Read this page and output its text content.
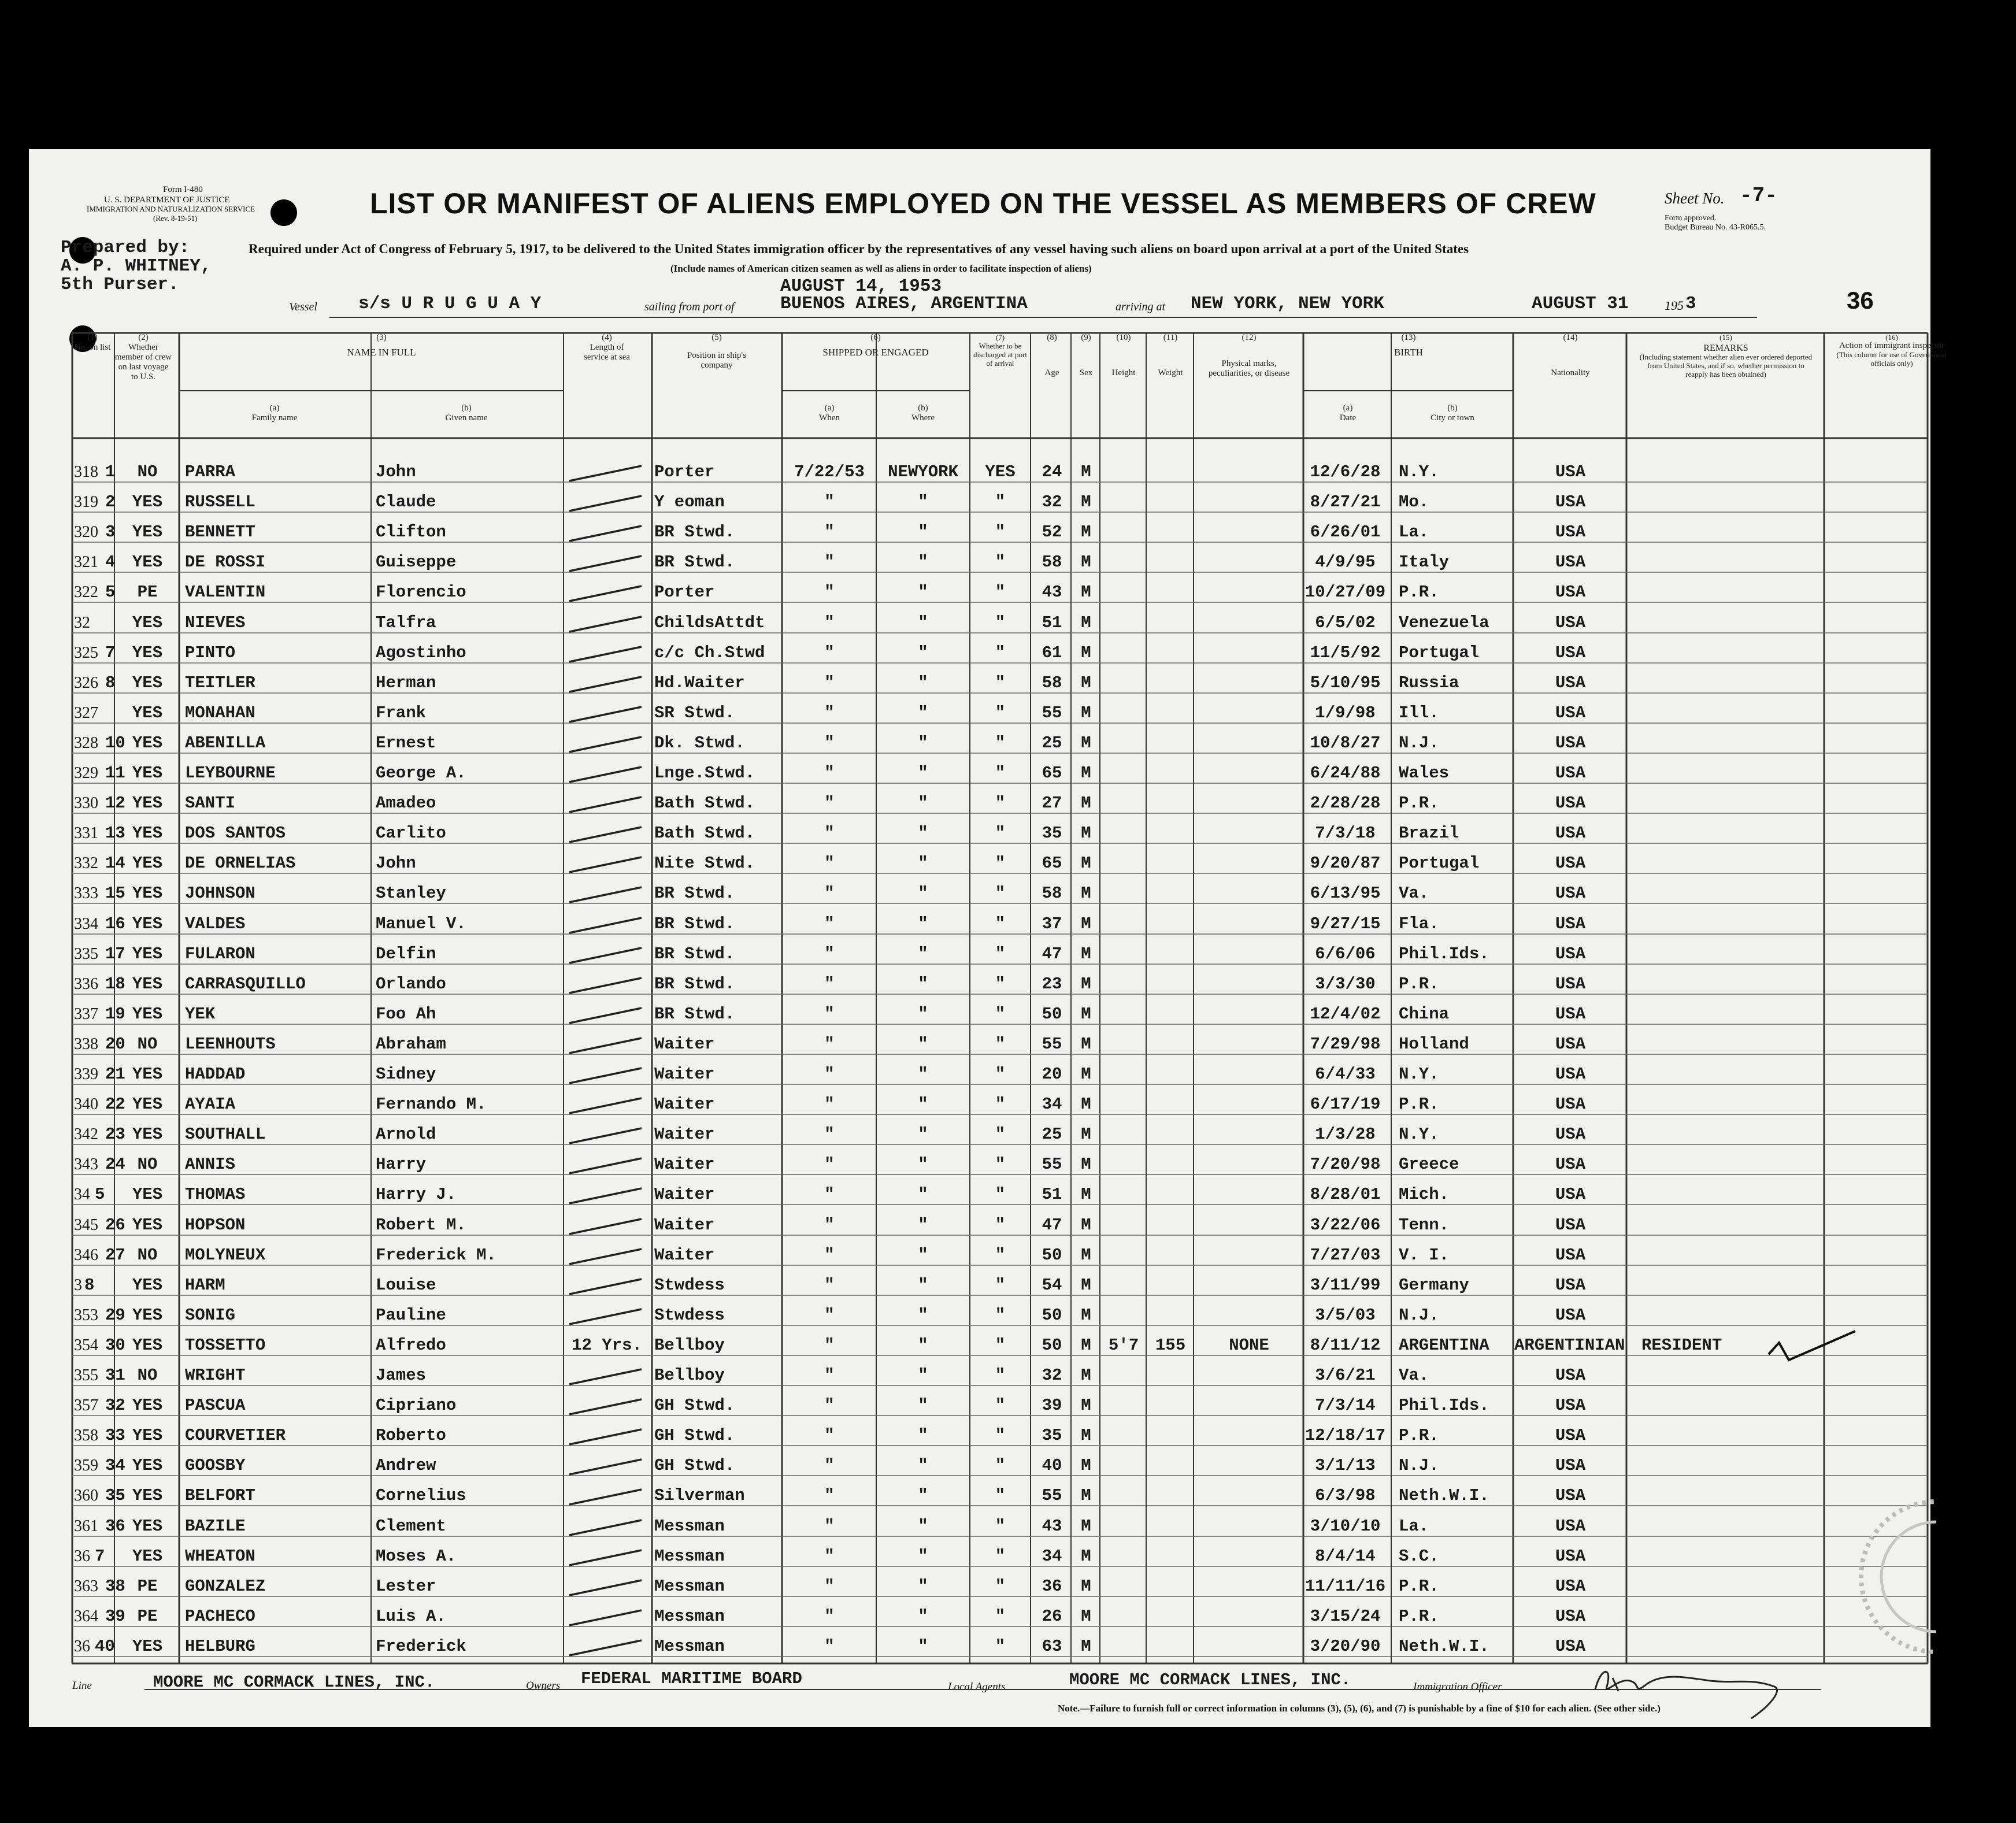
Form I-480
U. S. DEPARTMENT OF JUSTICE
IMMIGRATION AND NATURALIZATION SERVICE
(Rev. 8-19-51)	LIST OR MANIFEST OF ALIENS EMPLOYED ON THE VESSEL AS MEMBERS OF CREW	Sheet No. -7-
Form approved.
Budget Bureau No. 43-R065.5.
Prepared by:
A. P. WHITNEY,
5th Purser.
Required under Act of Congress of February 5, 1917, to be delivered to the United States immigration officer by the representatives of any vessel having such aliens on board upon arrival at a port of the United States
(Include names of American citizen seamen as well as aliens in order to facilitate inspection of aliens)
Vessel s/s U R U G U A Y	sailing from port of
AUGUST 14, 1953
BUENOS AIRES, ARGENTINA	arriving at NEW YORK, NEW YORK	AUGUST 31	195 3	36
(1)
No. on list
(2)
Whether member of crew on last voyage to U.S.
(3)
NAME IN FULL
(a)
Family name
(b)
Given name
(4)
Length of service at sea
(5)
Position in ship's company
(6)
SHIPPED OR ENGAGED
(a)
When
(b)
Where
(7)
Whether to be discharged at port of arrival
(8)
Age
(9)
Sex
(10)
Height
(11)
Weight
(12)
Physical marks, peculiarities, or disease
(13)
BIRTH
(a)
Date
(b)
City or town
(14)
Nationality
(15)
REMARKS
(Including statement whether alien ever ordered deported from United States, and if so, whether permission to reapply has been obtained)
(16)
Action of immigrant inspector
(This column for use of Government officials only)
318 1	NO	PARRA	John	Porter	7/22/53	NEWYORK	YES	24	M	12/6/28	N.Y.	USA
319 2	YES	RUSSELL	Claude	Y eoman	"	"	"	32	M	8/27/21	Mo.	USA
320 3	YES	BENNETT	Clifton	BR Stwd.	"	"	"	52	M	6/26/01	La.	USA
321 4	YES	DE ROSSI	Guiseppe	BR Stwd.	"	"	"	58	M	4/9/95	Italy	USA
322 5	PE	VALENTIN	Florencio	Porter	"	"	"	43	M	10/27/09 P.R.	USA
32	YES	NIEVES	Talfra	ChildsAttdt	"	"	"	51	M	6/5/02	Venezuela	USA
325 7	YES	PINTO	Agostinho	c/c Ch.Stwd	"	"	"	61	M	11/5/92	Portugal	USA
326 8	YES	TEITLER	Herman	Hd.Waiter	"	"	"	58	M	5/10/95	Russia	USA
327	YES	MONAHAN	Frank	SR Stwd.	"	"	"	55	M	1/9/98	Ill.	USA
328 10 YES	ABENILLA	Ernest	Dk. Stwd.	"	"	"	25	M	10/8/27	N.J.	USA
329 11 YES	LEYBOURNE	George A.	Lnge.Stwd.	"	"	"	65	M	6/24/88	Wales	USA
330 12 YES	SANTI	Amadeo	Bath Stwd.	"	"	"	27	M	2/28/28	P.R.	USA
331 13 YES	DOS SANTOS	Carlito	Bath Stwd.	"	"	"	35	M	7/3/18	Brazil	USA
332 14 YES	DE ORNELIAS	John	Nite Stwd.	"	"	"	65	M	9/20/87	Portugal	USA
333 15 YES	JOHNSON	Stanley	BR Stwd.	"	"	"	58	M	6/13/95	Va.	USA
334 16 YES	VALDES	Manuel V.	BR Stwd.	"	"	"	37	M	9/27/15	Fla.	USA
335 17 YES	FULARON	Delfin	BR Stwd.	"	"	"	47	M	6/6/06	Phil.Ids.	USA
336 18 YES	CARRASQUILLO	Orlando	BR Stwd.	"	"	"	23	M	3/3/30	P.R.	USA
337 19 YES	YEK	Foo Ah	BR Stwd.	"	"	"	50	M	12/4/02	China	USA
338 20 NO	LEENHOUTS	Abraham	Waiter	"	"	"	55	M	7/29/98	Holland	USA
339 21 YES	HADDAD	Sidney	Waiter	"	"	"	20	M	6/4/33	N.Y.	USA
340 22 YES	AYAIA	Fernando M.	Waiter	"	"	"	34	M	6/17/19	P.R.	USA
342 23 YES	SOUTHALL	Arnold	Waiter	"	"	"	25	M	1/3/28	N.Y.	USA
343 24 NO	ANNIS	Harry	Waiter	"	"	"	55	M	7/20/98	Greece	USA
34 5	YES	THOMAS	Harry J.	Waiter	"	"	"	51	M	8/28/01	Mich.	USA
345 26 YES	HOPSON	Robert M.	Waiter	"	"	"	47	M	3/22/06	Tenn.	USA
346 27 NO	MOLYNEUX	Frederick M.	Waiter	"	"	"	50	M	7/27/03	V. I.	USA
3 8	YES	HARM	Louise	Stwdess	"	"	"	54	M	3/11/99	Germany	USA
353 29 YES	SONIG	Pauline	Stwdess	"	"	"	50	M	3/5/03	N.J.	USA
354 30 YES	TOSSETTO	Alfredo	12 Yrs. Bellboy	"	"	"	50	M	5'7 155	NONE	8/11/12	ARGENTINA	ARGENTINIAN RESIDENT
355 31 NO	WRIGHT	James	Bellboy	"	"	"	32	M	3/6/21	Va.	USA
357 32 YES	PASCUA	Cipriano	GH Stwd.	"	"	"	39	M	7/3/14	Phil.Ids.	USA
358 33 YES	COURVETIER	Roberto	GH Stwd.	"	"	"	35	M	12/18/17 P.R.	USA
359 34 YES	GOOSBY	Andrew	GH Stwd.	"	"	"	40	M	3/1/13	N.J.	USA
360 35 YES	BELFORT	Cornelius	Silverman	"	"	"	55	M	6/3/98	Neth.W.I.	USA
361 36 YES	BAZILE	Clement	Messman	"	"	"	43	M	3/10/10	La.	USA
36 7	YES	WHEATON	Moses A.	Messman	"	"	"	34	M	8/4/14	S.C.	USA
363 38 PE	GONZALEZ	Lester	Messman	"	"	"	36	M	11/11/16 P.R.	USA
364 39 PE	PACHECO	Luis A.	Messman	"	"	"	26	M	3/15/24	P.R.	USA
36 40	YES	HELBURG	Frederick	Messman	"	"	"	63	M	3/20/90	Neth.W.I.	USA
Line	MOORE MC CORMACK LINES, INC.	Owners FEDERAL MARITIME BOARD	Local Agents	MOORE MC CORMACK LINES, INC.	Immigration Officer
Note.—Failure to furnish full or correct information in columns (3), (5), (6), and (7) is punishable by a fine of $10 for each alien. (See other side.)
